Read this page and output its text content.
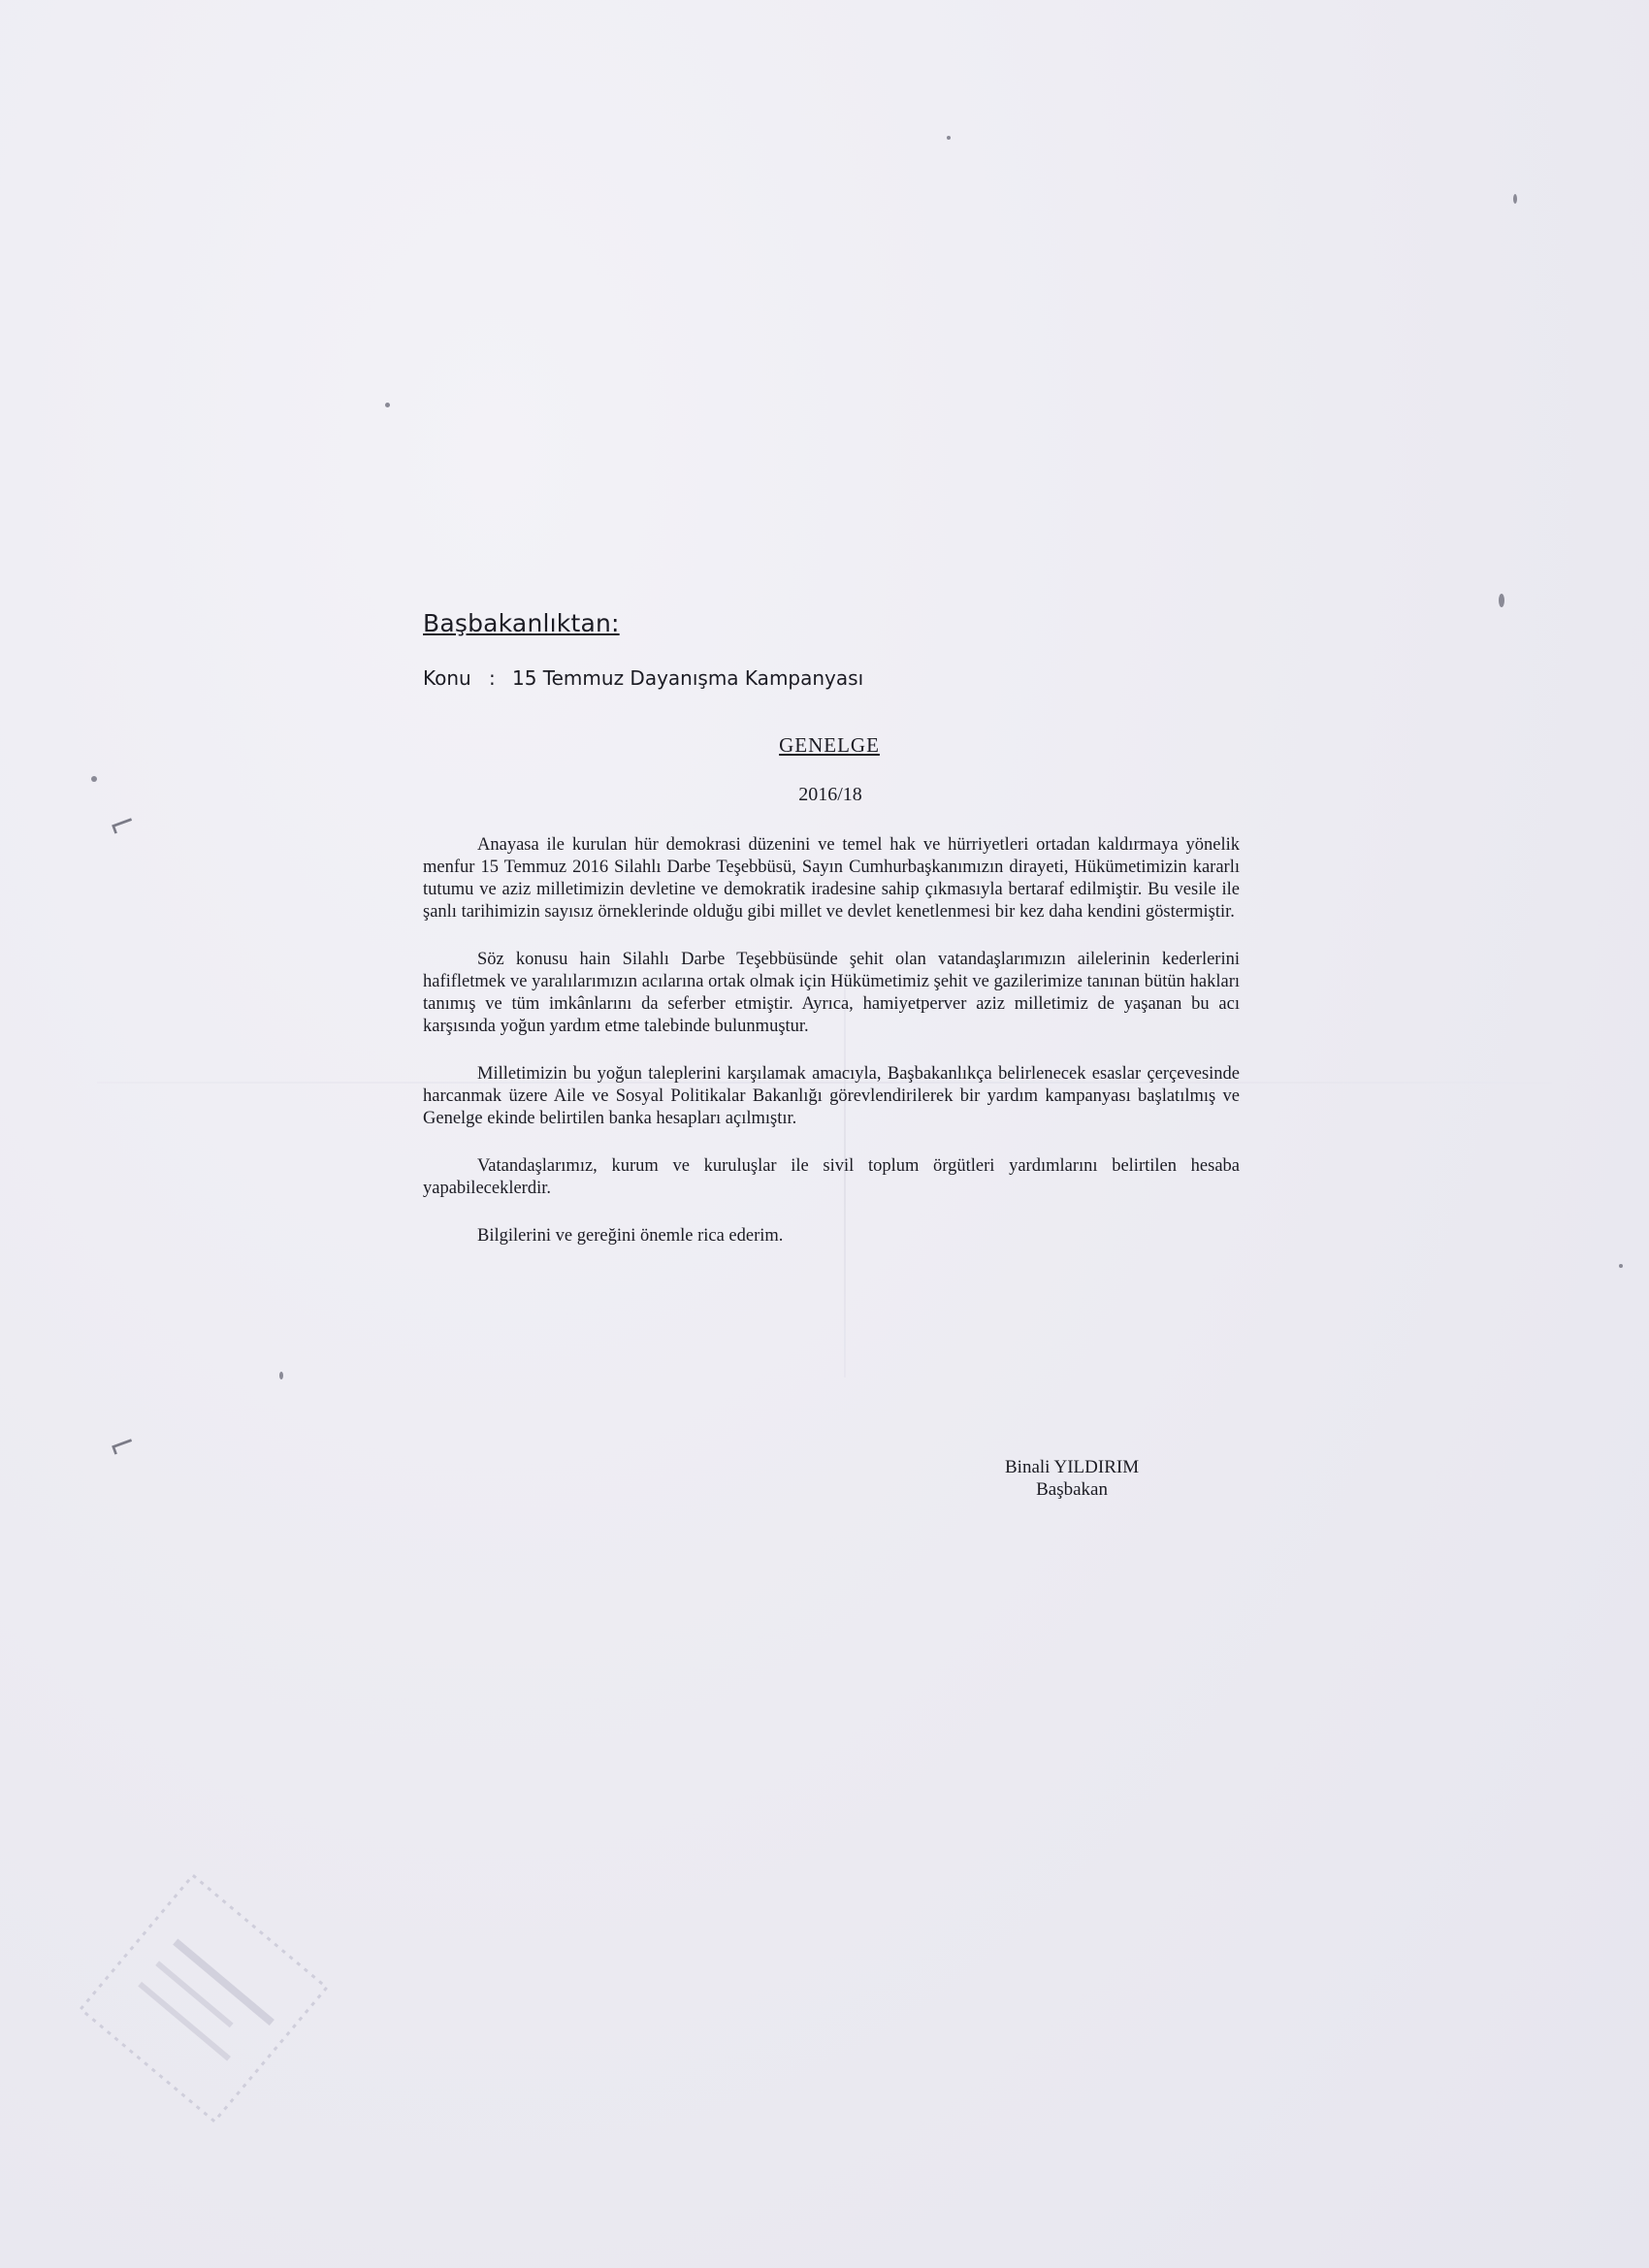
⌐
⌐
Başbakanlıktan:
Konu : 15 Temmuz Dayanışma Kampanyası
GENELGE
2016/18

Anayasa ile kurulan hür demokrasi düzenini ve temel hak ve hürriyetleri ortadan kaldırmaya yönelik menfur 15 Temmuz 2016 Silahlı Darbe Teşebbüsü, Sayın Cumhurbaşkanımızın dirayeti, Hükümetimizin kararlı tutumu ve aziz milletimizin devletine ve demokratik iradesine sahip çıkmasıyla bertaraf edilmiştir. Bu vesile ile şanlı tarihimizin sayısız örneklerinde olduğu gibi millet ve devlet kenetlenmesi bir kez daha kendini göstermiştir.

Söz konusu hain Silahlı Darbe Teşebbüsünde şehit olan vatandaşlarımızın ailelerinin kederlerini hafifletmek ve yaralılarımızın acılarına ortak olmak için Hükümetimiz şehit ve gazilerimize tanınan bütün hakları tanımış ve tüm imkânlarını da seferber etmiştir. Ayrıca, hamiyetperver aziz milletimiz de yaşanan bu acı karşısında yoğun yardım etme talebinde bulunmuştur.

Milletimizin bu yoğun taleplerini karşılamak amacıyla, Başbakanlıkça belirlenecek esaslar çerçevesinde harcanmak üzere Aile ve Sosyal Politikalar Bakanlığı görevlendirilerek bir yardım kampanyası başlatılmış ve Genelge ekinde belirtilen banka hesapları açılmıştır.

Vatandaşlarımız, kurum ve kuruluşlar ile sivil toplum örgütleri yardımlarını belirtilen hesaba yapabileceklerdir.

Bilgilerini ve gereğini önemle rica ederim.

Binali YILDIRIM
Başbakan
